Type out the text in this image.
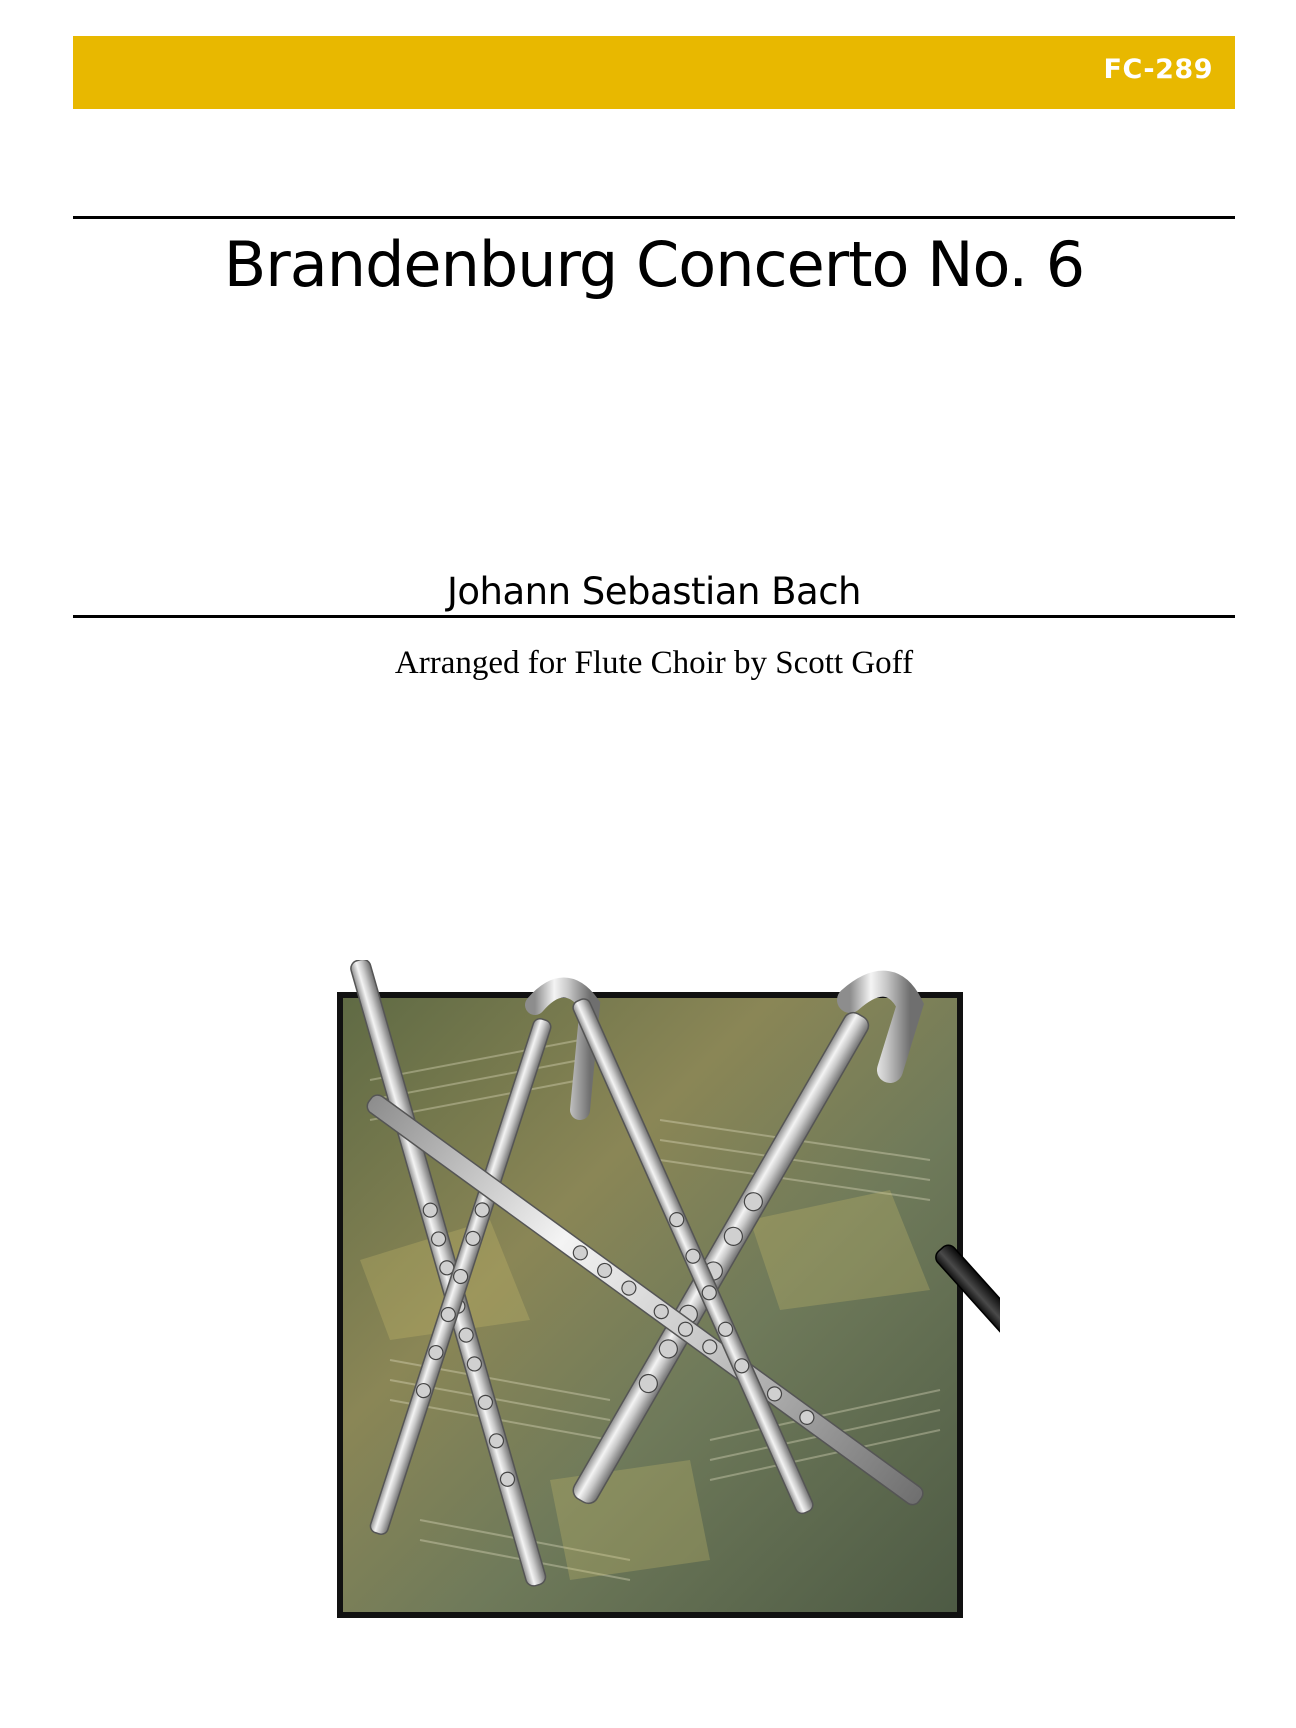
FC-289
Brandenburg Concerto No. 6
Johann Sebastian Bach
Arranged for Flute Choir by Scott Goff
